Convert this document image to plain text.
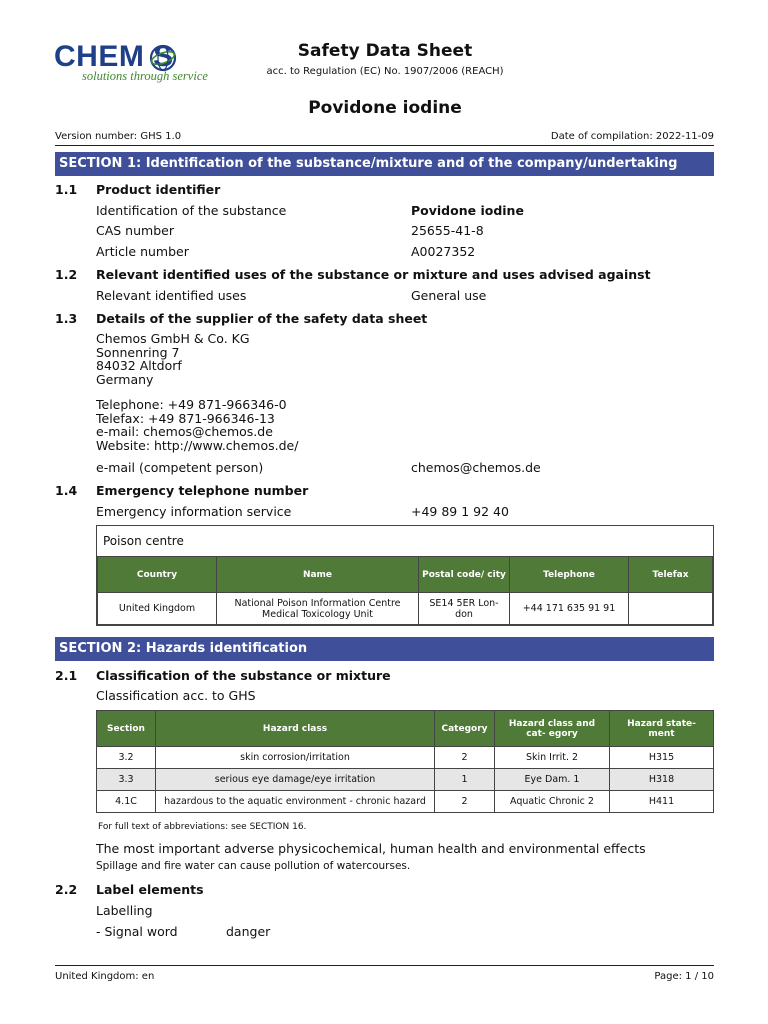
CHEM S
solutions through service
Safety Data Sheet
acc. to Regulation (EC) No. 1907/2006 (REACH)
Povidone iodine
Version number: GHS 1.0	Date of compilation: 2022-11-09
SECTION 1: Identification of the substance/mixture and of the company/undertaking
1.1 Product identifier
Identification of the substance	Povidone iodine
CAS number	25655-41-8
Article number	A0027352
1.2 Relevant identified uses of the substance or mixture and uses advised against
Relevant identified uses	General use
1.3 Details of the supplier of the safety data sheet
Chemos GmbH & Co. KG
Sonnenring 7
84032 Altdorf
Germany
Telephone: +49 871-966346-0
Telefax: +49 871-966346-13
e-mail: chemos@chemos.de
Website: http://www.chemos.de/
e-mail (competent person)	chemos@chemos.de
1.4 Emergency telephone number
Emergency information service	+49 89 1 92 40
Poison centre
Country	Name	Postal code/ city	Telephone	Telefax
United Kingdom	National Poison Information Centre Medical Toxicology Unit	SE14 5ER Lon- don	+44 171 635 91 91	
SECTION 2: Hazards identification
2.1 Classification of the substance or mixture
Classification acc. to GHS
Section	Hazard class	Category	Hazard class and cat- egory	Hazard state- ment
3.2	skin corrosion/irritation	2	Skin Irrit. 2	H315
3.3	serious eye damage/eye irritation	1	Eye Dam. 1	H318
4.1C	hazardous to the aquatic environment - chronic hazard	2	Aquatic Chronic 2	H411
For full text of abbreviations: see SECTION 16.
The most important adverse physicochemical, human health and environmental effects
Spillage and fire water can cause pollution of watercourses.
2.2 Label elements
Labelling
- Signal word	danger
United Kingdom: en	Page: 1 / 10
